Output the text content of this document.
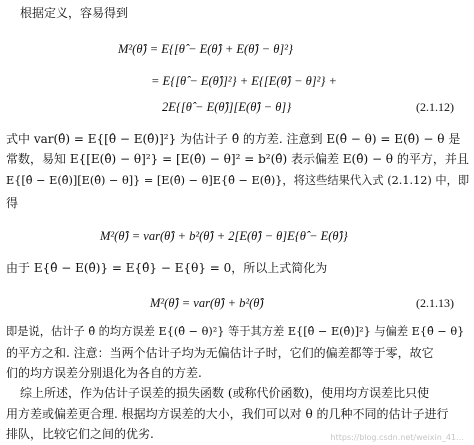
根据定义，容易得到
M²(θ̂) = E{[θ̂ − E(θ̂) + E(θ̂) − θ]²}
= E{[θ̂ − E(θ̂)]²} + E{[E(θ̂) − θ]²} +
2E{[θ̂ − E(θ̂)][E(θ̂) − θ]}	(2.1.12)
式中 var(θ̂) = E{[θ̂ − E(θ̂)]²} 为估计子 θ̂ 的方差. 注意到 E(θ̂ − θ) = E(θ̂) − θ 是
常数，易知 E{[E(θ̂) − θ]²} = [E(θ̂) − θ]² = b²(θ̂) 表示偏差 E(θ̂) − θ 的平方，并且
E{[θ̂ − E(θ̂)][E(θ̂) − θ]} = [E(θ̂) − θ]E{θ̂ − E(θ̂)}，将这些结果代入式 (2.1.12) 中，即
得
M²(θ̂) = var(θ̂) + b²(θ̂) + 2[E(θ̂) − θ]E{θ̂ − E(θ̂)}
由于 E{θ̂ − E(θ̂)} = E{θ̂} − E{θ} = 0，所以上式简化为
M²(θ̂) = var(θ̂) + b²(θ̂)	(2.1.13)
即是说，估计子 θ̂ 的均方误差 E{(θ̂ − θ)²} 等于其方差 E{[θ̂ − E(θ̂)]²} 与偏差 E{θ̂ − θ}
的平方之和. 注意：当两个估计子均为无偏估计子时，它们的偏差都等于零，故它
们的均方误差分别退化为各自的方差.
综上所述，作为估计子误差的损失函数 (或称代价函数)，使用均方误差比只使
用方差或偏差更合理. 根据均方误差的大小，我们可以对 θ 的几种不同的估计子进行
排队，比较它们之间的优劣.	https://blog.csdn.net/weixin_41…
